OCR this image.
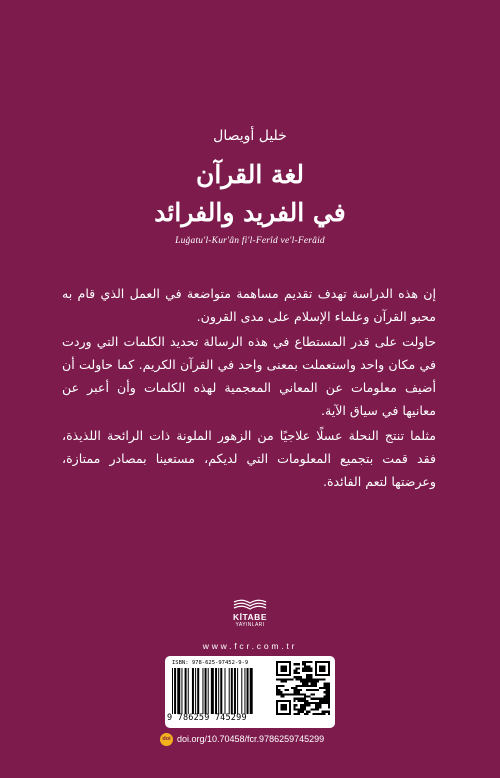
خليل أويصال
لغة القرآن
في الفريد والفرائد
Luğatu'l-Kur'ân fi'l-Ferîd ve'l-Ferâid

إن هذه الدراسة تهدف تقديم مساهمة متواضعة في العمل الذي قام به محبو القرآن وعلماء الإسلام على مدى القرون.

حاولت على قدر المستطاع في هذه الرسالة تحديد الكلمات التي وردت في مكان واحد واستعملت بمعنى واحد في القرآن الكريم. كما حاولت أن أضيف معلومات عن المعاني المعجمية لهذه الكلمات وأن أعبر عن معانيها في سياق الآية.

مثلما تنتج النحلة عسلًا علاجيًا من الزهور الملونة ذات الرائحة اللذيذة، فقد قمت بتجميع المعلومات التي لديكم، مستعينا بمصادر ممتازة، وعرضتها لتعم الفائدة.

KİTABE
YAYINLARI
www.fcr.com.tr
ISBN: 978-625-97452-9-9
9 786259 745299
doi doi.org/10.70458/fcr.9786259745299
